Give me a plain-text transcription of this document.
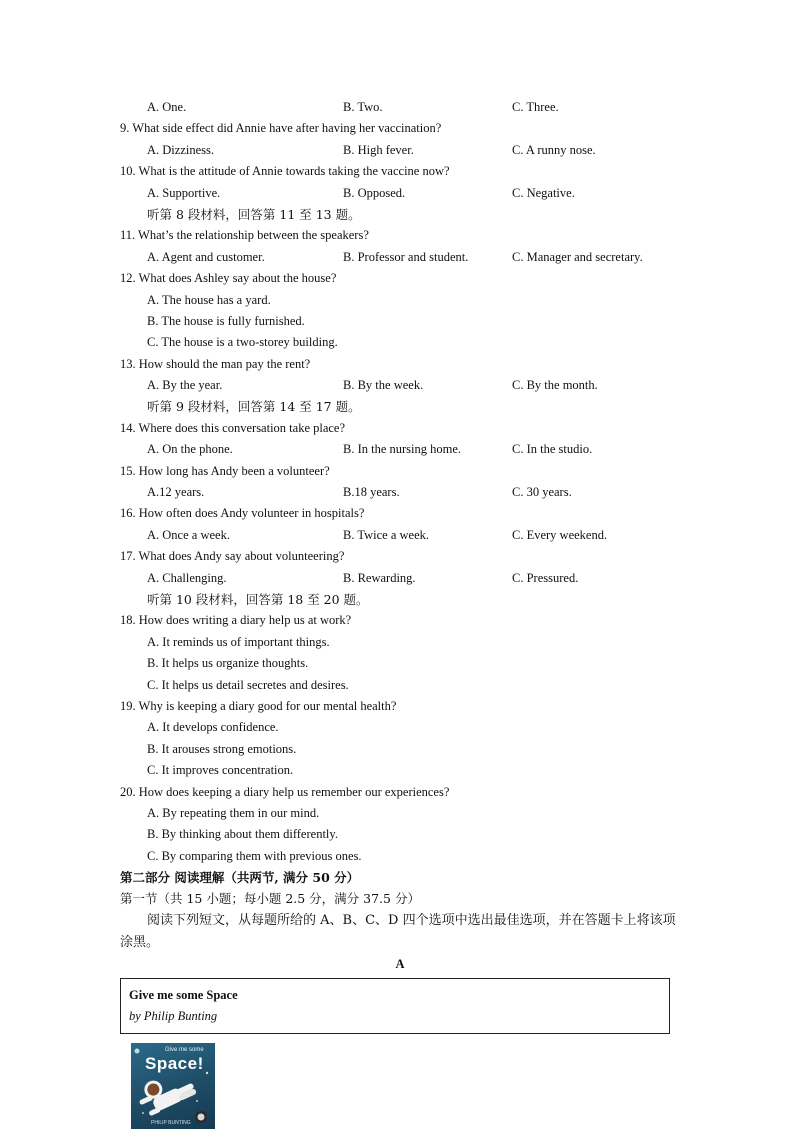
A. One.	B. Two.	C. Three.
9. What side effect did Annie have after having her vaccination?
A. Dizziness.	B. High fever.	C. A runny nose.
10. What is the attitude of Annie towards taking the vaccine now?
A. Supportive.	B. Opposed.	C. Negative.
听第 8 段材料，回答第 11 至 13 题。
11. What’s the relationship between the speakers?
A. Agent and customer.	B. Professor and student.	C. Manager and secretary.
12. What does Ashley say about the house?
A. The house has a yard.
B. The house is fully furnished.
C. The house is a two-storey building.
13. How should the man pay the rent?
A. By the year.	B. By the week.	C. By the month.
听第 9 段材料，回答第 14 至 17 题。
14. Where does this conversation take place?
A. On the phone.	B. In the nursing home.	C. In the studio.
15. How long has Andy been a volunteer?
A.12 years.	B.18 years.	C. 30 years.
16. How often does Andy volunteer in hospitals?
A. Once a week.	B. Twice a week.	C. Every weekend.
17. What does Andy say about volunteering?
A. Challenging.	B. Rewarding.	C. Pressured.
听第 10 段材料，回答第 18 至 20 题。
18. How does writing a diary help us at work?
A. It reminds us of important things.
B. It helps us organize thoughts.
C. It helps us detail secretes and desires.
19. Why is keeping a diary good for our mental health?
A. It develops confidence.
B. It arouses strong emotions.
C. It improves concentration.
20. How does keeping a diary help us remember our experiences?
A. By repeating them in our mind.
B. By thinking about them differently.
C. By comparing them with previous ones.
第二部分 阅读理解（共两节, 满分 50 分）
第一节（共 15 小题；每小题 2.5 分，满分 37.5 分）
阅读下列短文，从每题所给的 A、B、C、D 四个选项中选出最佳选项，并在答题卡上将该项涂黑。
A
Give me some Space
by Philip Bunting
Give me some
Space!
PHILIP BUNTING
